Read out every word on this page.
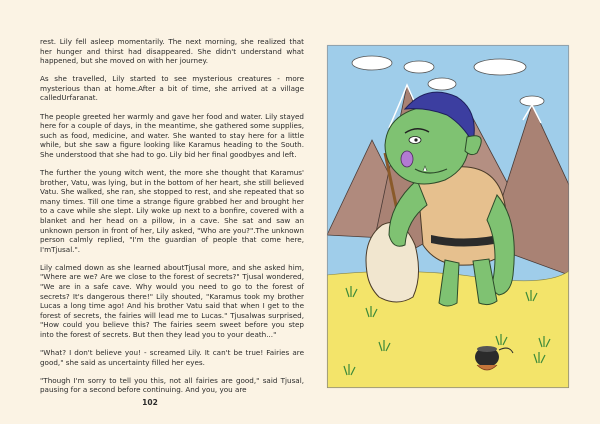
rest. Lily fell asleep momentarily. The next morning, she realized that her hunger and thirst had disappeared. She didn't understand what happened, but she moved on with her journey.

As she travelled, Lily started to see mysterious creatures - more mysterious than at home.After a bit of time, she arrived at a village calledUrfaranat.

The people greeted her warmly and gave her food and water. Lily stayed here for a couple of days, in the meantime, she gathered some supplies, such as food, medicine, and water. She wanted to stay here for a little while, but she saw a figure looking like Karamus heading to the South. She understood that she had to go. Lily bid her final goodbyes and left.

The further the young witch went, the more she thought that Karamus' brother, Vatu, was lying, but in the bottom of her heart, she still believed Vatu. She walked, she ran, she stopped to rest, and she repeated that so many times. Till one time a strange figure grabbed her and brought her to a cave while she slept. Lily woke up next to a bonfire, covered with a blanket and her head on a pillow, in a cave. She sat and saw an unknown person in front of her, Lily asked, "Who are you?".The unknown person calmly replied, "I'm the guardian of people that come here, I'mTjusal.".

Lily calmed down as she learned aboutTjusal more, and she asked him, "Where are we? Are we close to the forest of secrets?" Tjusal wondered, "We are in a safe cave. Why would you need to go to the forest of secrets? It's dangerous there!" Lily shouted, "Karamus took my brother Lucas a long time ago! And his brother Vatu said that when I get to the forest of secrets, the fairies will lead me to Lucas." Tjusalwas surprised, "How could you believe this? The fairies seem sweet before you step into the forest of secrets. But then they lead you to your death..."

"What? I don't believe you! - screamed Lily. It can't be true! Fairies are good," she said as uncertainty filled her eyes.

"Though I'm sorry to tell you this, not all fairies are good," said Tjusal, pausing for a second before continuing. And you, you are

102
